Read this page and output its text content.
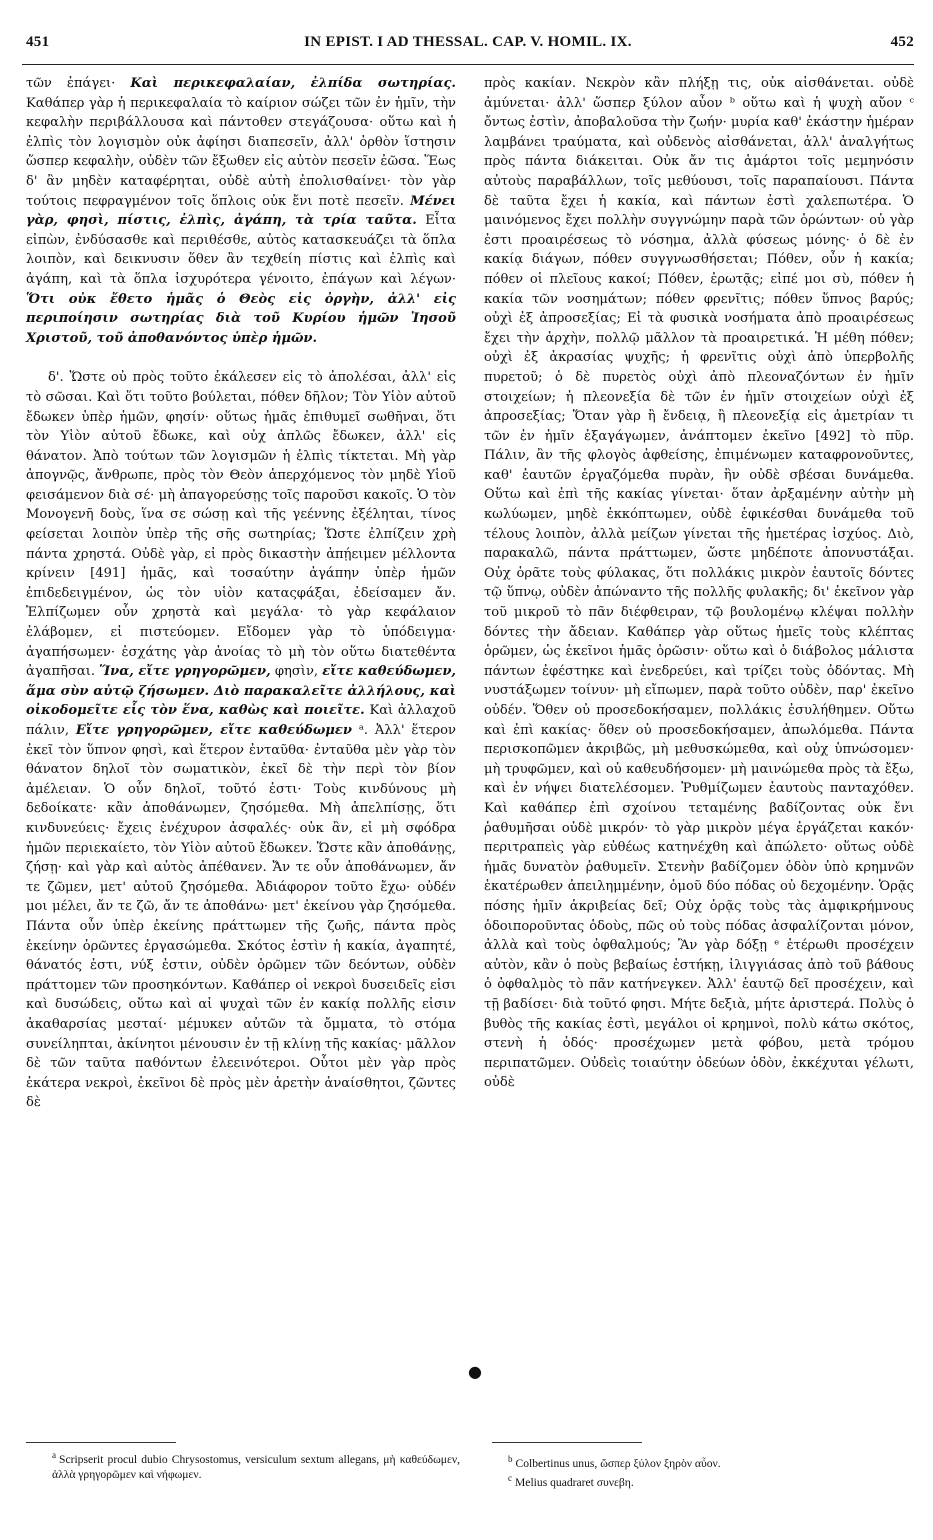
451	IN EPIST. I AD THESSAL. CAP. V. HOMIL. IX.	452

τῶν ἐπάγει· Καὶ περικεφαλαίαν, ἐλπίδα σωτηρίας. Καθάπερ γὰρ ἡ περικεφαλαία τὸ καίριον σώζει τῶν ἐν ἡμῖν, τὴν κεφαλὴν περιβάλλουσα καὶ πάντοθεν στεγάζουσα· οὕτω καὶ ἡ ἐλπὶς τὸν λογισμὸν οὐκ ἀφίησι διαπεσεῖν, ἀλλ' ὀρθὸν ἵστησιν ὥσπερ κεφαλὴν, οὐδὲν τῶν ἔξωθεν εἰς αὐτὸν πεσεῖν ἐῶσα. Ἕως δ' ἂν μηδὲν καταφέρηται, οὐδὲ αὐτὴ ἐπολισθαίνει· τὸν γὰρ τούτοις πεφραγμένον τοῖς ὅπλοις οὐκ ἔνι ποτὲ πεσεῖν. Μένει γὰρ, φησὶ, πίστις, ἐλπὶς, ἀγάπη, τὰ τρία ταῦτα. Εἶτα εἰπὼν, ἐνδύσασθε καὶ περιθέσθε, αὐτὸς κατασκευάζει τὰ ὅπλα λοιπὸν, καὶ δεικνυσιν ὅθεν ἂν τεχθείη πίστις καὶ ἐλπὶς καὶ ἀγάπη, καὶ τὰ ὅπλα ἰσχυρότερα γένοιτο, ἐπάγων καὶ λέγων· Ὅτι οὐκ ἔθετο ἡμᾶς ὁ Θεὸς εἰς ὀργὴν, ἀλλ' εἰς περιποίησιν σωτηρίας διὰ τοῦ Κυρίου ἡμῶν Ἰησοῦ Χριστοῦ, τοῦ ἀποθανόντος ὑπὲρ ἡμῶν.

δ'. Ὥστε οὐ πρὸς τοῦτο ἐκάλεσεν εἰς τὸ ἀπολέσαι, ἀλλ' εἰς τὸ σῶσαι. Καὶ ὅτι τοῦτο βούλεται, πόθεν δῆλον; Τὸν Υἱὸν αὐτοῦ ἔδωκεν ὑπὲρ ἡμῶν, φησίν· οὕτως ἡμᾶς ἐπιθυμεῖ σωθῆναι, ὅτι τὸν Υἱὸν αὐτοῦ ἔδωκε, καὶ οὐχ ἁπλῶς ἔδωκεν, ἀλλ' εἰς θάνατον. Ἀπὸ τούτων τῶν λογισμῶν ἡ ἐλπὶς τίκτεται. Μὴ γὰρ ἀπογνῷς, ἄνθρωπε, πρὸς τὸν Θεὸν ἀπερχόμενος τὸν μηδὲ Υἱοῦ φεισάμενον διὰ σέ· μὴ ἀπαγορεύσῃς τοῖς παροῦσι κακοῖς. Ὁ τὸν Μονογενῆ δοὺς, ἵνα σε σώσῃ καὶ τῆς γεέννης ἐξέληται, τίνος φείσεται λοιπὸν ὑπὲρ τῆς σῆς σωτηρίας; Ὥστε ἐλπίζειν χρὴ πάντα χρηστά. Οὐδὲ γὰρ, εἰ πρὸς δικαστὴν ἀπῄειμεν μέλλοντα κρίνειν [491] ἡμᾶς, καὶ τοσαύτην ἀγάπην ὑπὲρ ἡμῶν ἐπιδεδειγμένον, ὡς τὸν υἱὸν καταςφάξαι, ἐδείσαμεν ἄν. Ἐλπίζωμεν οὖν χρηστὰ καὶ μεγάλα· τὸ γὰρ κεφάλαιον ἐλάβομεν, εἰ πιστεύομεν. Εἴδομεν γὰρ τὸ ὑπόδειγμα· ἀγαπήσωμεν· ἐσχάτης γὰρ ἀνοίας τὸ μὴ τὸν οὕτω διατεθέντα ἀγαπῆσαι. Ἵνα, εἴτε γρηγορῶμεν, φησὶν, εἴτε καθεύδωμεν, ἅμα σὺν αὐτῷ ζήσωμεν. Διὸ παρακαλεῖτε ἀλλήλους, καὶ οἰκοδομεῖτε εἷς τὸν ἕνα, καθὼς καὶ ποιεῖτε. Καὶ ἀλλαχοῦ πάλιν, Εἴτε γρηγορῶμεν, εἴτε καθεύδωμεν ᵃ. Ἀλλ' ἕτερον ἐκεῖ τὸν ὕπνον φησὶ, καὶ ἕτερον ἐνταῦθα· ἐνταῦθα μὲν γὰρ τὸν θάνατον δηλοῖ τὸν σωματικὸν, ἐκεῖ δὲ τὴν περὶ τὸν βίον ἀμέλειαν. Ὁ οὖν δηλοῖ, τοῦτό ἐστι· Τοὺς κινδύνους μὴ δεδοίκατε· κἂν ἀποθάνωμεν, ζησόμεθα. Μὴ ἀπελπίσῃς, ὅτι κινδυνεύεις· ἔχεις ἐνέχυρον ἀσφαλές· οὐκ ἂν, εἰ μὴ σφόδρα ἡμῶν περιεκαίετο, τὸν Υἱὸν αὐτοῦ ἔδωκεν. Ὥστε κἂν ἀποθάνῃς, ζήσῃ· καὶ γὰρ καὶ αὐτὸς ἀπέθανεν. Ἄν τε οὖν ἀποθάνωμεν, ἄν τε ζῶμεν, μετ' αὐτοῦ ζησόμεθα. Ἀδιάφορον τοῦτο ἔχω· οὐδέν μοι μέλει, ἄν τε ζῶ, ἄν τε ἀποθάνω· μετ' ἐκείνου γὰρ ζησόμεθα. Πάντα οὖν ὑπὲρ ἐκείνης πράττωμεν τῆς ζωῆς, πάντα πρὸς ἐκείνην ὁρῶντες ἐργασώμεθα. Σκότος ἐστὶν ἡ κακία, ἀγαπητέ, θάνατός ἐστι, νύξ ἐστιν, οὐδὲν ὁρῶμεν τῶν δεόντων, οὐδὲν πράττομεν τῶν προσηκόντων. Καθάπερ οἱ νεκροὶ δυσειδεῖς εἰσι καὶ δυσώδεις, οὕτω καὶ αἱ ψυχαὶ τῶν ἐν κακίᾳ πολλῆς εἰσιν ἀκαθαρσίας μεσταί· μέμυκεν αὐτῶν τὰ ὄμματα, τὸ στόμα συνείληπται, ἀκίνητοι μένουσιν ἐν τῇ κλίνῃ τῆς κακίας· μᾶλλον δὲ τῶν ταῦτα παθόντων ἐλεεινότεροι. Οὗτοι μὲν γὰρ πρὸς ἑκάτερα νεκροὶ, ἐκεῖνοι δὲ πρὸς μὲν ἀρετὴν ἀναίσθητοι, ζῶντες δὲ

πρὸς κακίαν. Νεκρὸν κἂν πλήξῃ τις, οὐκ αἰσθάνεται. οὐδὲ ἀμύνεται· ἀλλ' ὥσπερ ξύλον αὖον ᵇ οὕτω καὶ ἡ ψυχὴ αὔον ᶜ ὄντως ἐστὶν, ἀποβαλοῦσα τὴν ζωήν· μυρία καθ' ἑκάστην ἡμέραν λαμβάνει τραύματα, καὶ οὐδενὸς αἰσθάνεται, ἀλλ' ἀναλγήτως πρὸς πάντα διάκειται. Οὐκ ἄν τις ἁμάρτοι τοῖς μεμηνόσιν αὐτοὺς παραβάλλων, τοῖς μεθύουσι, τοῖς παραπαίουσι. Πάντα δὲ ταῦτα ἔχει ἡ κακία, καὶ πάντων ἐστὶ χαλεπωτέρα. Ὁ μαινόμενος ἔχει πολλὴν συγγνώμην παρὰ τῶν ὁρώντων· οὐ γὰρ ἐστι προαιρέσεως τὸ νόσημα, ἀλλὰ φύσεως μόνης· ὁ δὲ ἐν κακίᾳ διάγων, πόθεν συγγνωσθήσεται; Πόθεν, οὖν ἡ κακία; πόθεν οἱ πλεῖους κακοί; Πόθεν, ἐρωτᾷς; εἰπέ μοι σὺ, πόθεν ἡ κακία τῶν νοσημάτων; πόθεν φρενῖτις; πόθεν ὕπνος βαρύς; οὐχὶ ἐξ ἀπροσεξίας; Εἰ τὰ φυσικὰ νοσήματα ἀπὸ προαιρέσεως ἔχει τὴν ἀρχὴν, πολλῷ μᾶλλον τὰ προαιρετικά. Ἡ μέθη πόθεν; οὐχὶ ἐξ ἀκρασίας ψυχῆς; ἡ φρενῖτις οὐχὶ ἀπὸ ὑπερβολῆς πυρετοῦ; ὁ δὲ πυρετὸς οὐχὶ ἀπὸ πλεοναζόντων ἐν ἡμῖν στοιχείων; ἡ πλεονεξία δὲ τῶν ἐν ἡμῖν στοιχείων οὐχὶ ἐξ ἀπροσεξίας; Ὅταν γὰρ ἢ ἔνδειᾳ, ἢ πλεονεξίᾳ εἰς ἀμετρίαν τι τῶν ἐν ἡμῖν ἐξαγάγωμεν, ἀνάπτομεν ἐκεῖνο [492] τὸ πῦρ. Πάλιν, ἂν τῆς φλογὸς ἀφθείσης, ἐπιμένωμεν καταφρονοῦντες, καθ' ἑαυτῶν ἐργαζόμεθα πυρὰν, ἣν οὐδὲ σβέσαι δυνάμεθα. Οὕτω καὶ ἐπὶ τῆς κακίας γίνεται· ὅταν ἀρξαμένην αὐτὴν μὴ κωλύωμεν, μηδὲ ἐκκόπτωμεν, οὐδὲ ἐφικέσθαι δυνάμεθα τοῦ τέλους λοιπὸν, ἀλλὰ μείζων γίνεται τῆς ἡμετέρας ἰσχύος. Διὸ, παρακαλῶ, πάντα πράττωμεν, ὥστε μηδέποτε ἀπονυστάξαι. Οὐχ ὁρᾶτε τοὺς φύλακας, ὅτι πολλάκις μικρὸν ἑαυτοῖς δόντες τῷ ὕπνῳ, οὐδὲν ἀπώναντο τῆς πολλῆς φυλακῆς; δι' ἐκεῖνον γὰρ τοῦ μικροῦ τὸ πᾶν διέφθειραν, τῷ βουλομένῳ κλέψαι πολλὴν δόντες τὴν ἄδειαν. Καθάπερ γὰρ οὕτως ἡμεῖς τοὺς κλέπτας ὁρῶμεν, ὡς ἐκεῖνοι ἡμᾶς ὁρῶσιν· οὕτω καὶ ὁ διάβολος μάλιστα πάντων ἐφέστηκε καὶ ἐνεδρεύει, καὶ τρίζει τοὺς ὀδόντας. Μὴ νυστάξωμεν τοίνυν· μὴ εἴπωμεν, παρὰ τοῦτο οὐδὲν, παρ' ἐκεῖνο οὐδέν. Ὅθεν οὐ προσεδοκήσαμεν, πολλάκις ἐσυλήθημεν. Οὕτω καὶ ἐπὶ κακίας· ὅθεν οὐ προσεδοκήσαμεν, ἀπωλόμεθα. Πάντα περισκοπῶμεν ἀκριβῶς, μὴ μεθυσκώμεθα, καὶ οὐχ ὑπνώσομεν· μὴ τρυφῶμεν, καὶ οὐ καθευδήσομεν· μὴ μαινώμεθα πρὸς τὰ ἔξω, καὶ ἐν νήψει διατελέσομεν. Ῥυθμίζωμεν ἑαυτοὺς πανταχόθεν. Καὶ καθάπερ ἐπὶ σχοίνου τεταμένης βαδίζοντας οὐκ ἔνι ῥαθυμῆσαι οὐδὲ μικρόν· τὸ γὰρ μικρὸν μέγα ἐργάζεται κακόν· περιτραπεὶς γὰρ εὐθέως κατηνέχθη καὶ ἀπώλετο· οὕτως οὐδὲ ἡμᾶς δυνατὸν ῥαθυμεῖν. Στενὴν βαδίζομεν ὁδὸν ὑπὸ κρημνῶν ἑκατέρωθεν ἀπειλημμένην, ὁμοῦ δύο πόδας οὐ δεχομένην. Ὁρᾷς πόσης ἡμῖν ἀκριβείας δεῖ; Οὐχ ὁρᾷς τοὺς τὰς ἀμφικρήμνους ὁδοιποροῦντας ὁδοὺς, πῶς οὐ τοὺς πόδας ἀσφαλίζονται μόνον, ἀλλὰ καὶ τοὺς ὀφθαλμούς; Ἂν γὰρ δόξῃ ᵉ ἑτέρωθι προσέχειν αὐτὸν, κἂν ὁ ποὺς βεβαίως ἑστήκῃ, ἰλιγγιάσας ἀπὸ τοῦ βάθους ὁ ὀφθαλμὸς τὸ πᾶν κατήνεγκεν. Ἀλλ' ἑαυτῷ δεῖ προσέχειν, καὶ τῇ βαδίσει· διὰ τοῦτό φησι. Μήτε δεξιὰ, μήτε ἀριστερά. Πολὺς ὁ βυθὸς τῆς κακίας ἐστὶ, μεγάλοι οἱ κρημνοὶ, πολὺ κάτω σκότος, στενὴ ἡ ὁδός· προσέχωμεν μετὰ φόβου, μετὰ τρόμου περιπατῶμεν. Οὐδεὶς τοιαύτην ὁδεύων ὁδὸν, ἐκκέχυται γέλωτι, οὐδὲ

●
$^a$ Scripserit procul dubio Chrysostomus, versiculum sextum allegans, μὴ καθεύδωμεν, ἀλλὰ γρηγορῶμεν καὶ νήφωμεν.
$^b$ Colbertinus unus, ὥσπερ ξύλον ξηρὸν αὖον.
$^c$ Melius quadraret συνεβη.
